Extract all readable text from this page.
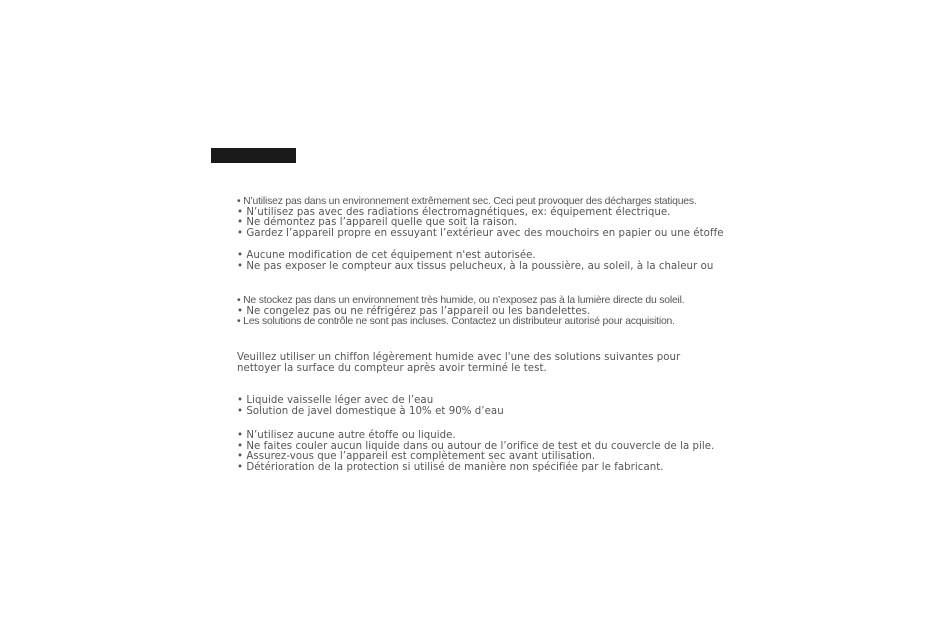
• N’utilisez pas dans un environnement extrêmement sec. Ceci peut provoquer des décharges statiques.
• N’utilisez pas avec des radiations électromagnétiques, ex: équipement électrique.
• Ne démontez pas l’appareil quelle que soit la raison.
• Gardez l’appareil propre en essuyant l’extérieur avec des mouchoirs en papier ou une étoffe
• Aucune modification de cet équipement n'est autorisée.
• Ne pas exposer le compteur aux tissus pelucheux, à la poussière, au soleil, à la chaleur ou
• Ne stockez pas dans un environnement très humide, ou n’exposez pas à la lumière directe du soleil.
• Ne congelez pas ou ne réfrigérez pas l’appareil ou les bandelettes.
• Les solutions de contrôle ne sont pas incluses. Contactez un distributeur autorisé pour acquisition.
Veuillez utiliser un chiffon légèrement humide avec l'une des solutions suivantes pour
nettoyer la surface du compteur après avoir terminé le test.
• Liquide vaisselle léger avec de l’eau
• Solution de javel domestique à 10% et 90% d’eau
• N’utilisez aucune autre étoffe ou liquide.
• Ne faites couler aucun liquide dans ou autour de l’orifice de test et du couvercle de la pile.
• Assurez-vous que l’appareil est complètement sec avant utilisation.
• Détérioration de la protection si utilisé de manière non spécifiée par le fabricant.
